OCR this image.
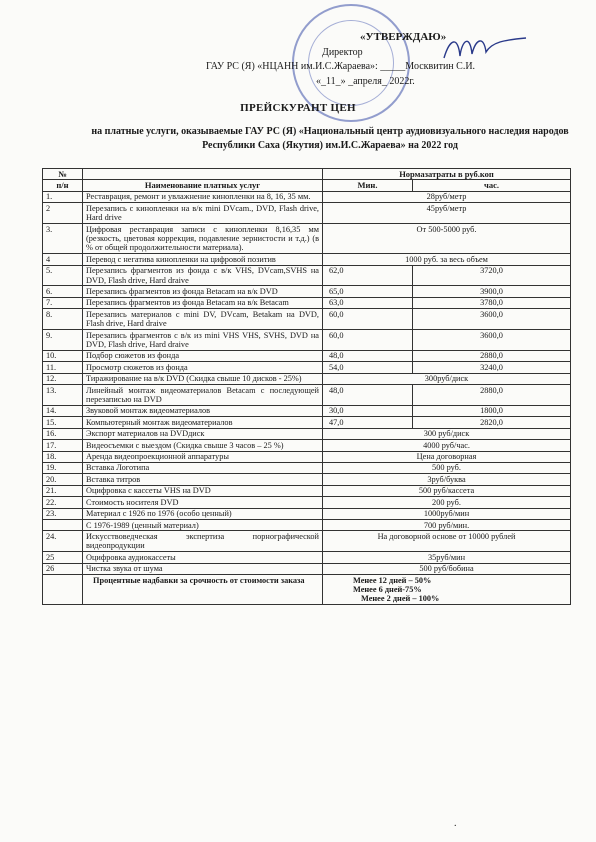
«УТВЕРЖДАЮ»
Директор
ГАУ РС (Я) «НЦАНН им.И.С.Жараева»: _____Москвитин С.И.
«_11_» _апреля_ 2022г.
ПРЕЙСКУРАНТ ЦЕН
на платные услуги, оказываемые ГАУ РС (Я) «Национальный центр аудиовизуального наследия народов Республики Саха (Якутия) им.И.С.Жараева» на 2022 год
№		Нормазатраты в руб.коп	
п/н	Наименование платных услуг	Мин.	час.
1.	Реставрация, ремонт и увлажнение кинопленки на 8, 16, 35 мм.	28руб/метр	
2	Перезапись с кинопленки на в/к mini DVcam., DVD, Flash drive, Hard drive	45руб/метр	
3.	Цифровая реставрация записи с кинопленки 8,16,35 мм (резкость, цветовая коррекция, подавление зернистости и т.д.) (в % от общей продолжительности материала).	От 500-5000 руб.	
4	Перевод с негатива кинопленки на цифровой позитив	1000 руб. за весь объем	
5.	Перезапись фрагментов из фонда с в/к VHS, DVcam,SVHS на DVD, Flash drive, Hard draive	62,0	3720,0
6.	Перезапись фрагментов из фонда Betacam на в/к DVD	65,0	3900,0
7.	Перезапись фрагментов из фонда Betacam на в/к Betacam	63,0	3780,0
8.	Перезапись материалов с mini DV, DVcam, Betakam на DVD, Flash drive, Hard draive	60,0	3600,0
9.	Перезапись фрагментов с в/к из mini VHS VHS, SVHS, DVD на DVD, Flash drive, Hard draive	60,0	3600,0
10.	Подбор сюжетов из фонда	48,0	2880,0
11.	Просмотр сюжетов из фонда	54,0	3240,0
12.	Тиражирование на в/к DVD (Скидка свыше 10 дисков - 25%)	300руб/диск	
13.	Линейный монтаж видеоматериалов Betacam с последующей перезаписью на DVD	48,0	2880,0
14.	Звуковой монтаж видеоматериалов	30,0	1800,0
15.	Компьютерный монтаж видеоматериалов	47,0	2820,0
16.	Экспорт материалов на DVDдиск	300 руб/диск	
17.	Видеосъемки с выездом (Скидка свыше 3 часов – 25 %)	4000 руб/час.	
18.	Аренда видеопроекционной аппаратуры	Цена договорная	
19.	Вставка Логотипа	500 руб.	
20.	Вставка титров	3руб/буква	
21.	Оцифровка с кассеты VHS на DVD	500 руб/кассета	
22.	Стоимость носителя DVD	200 руб.	
23.	Материал с 1926 по 1976 (особо ценный)	1000руб/мин	
	С 1976-1989 (ценный материал)	700 руб/мин.	
24.	Искусствоведческая экспертиза порнографической видеопродукции	На договорной основе от 10000 рублей	
25	Оцифровка аудиокассеты	35руб/мин	
26	Чистка звука от шума	500 руб/бобина	
	Процентные надбавки за срочность от стоимости заказа	Менее 12 дней – 50%
Менее 6 дней-75%
Менее 2 дней – 100%	
.
